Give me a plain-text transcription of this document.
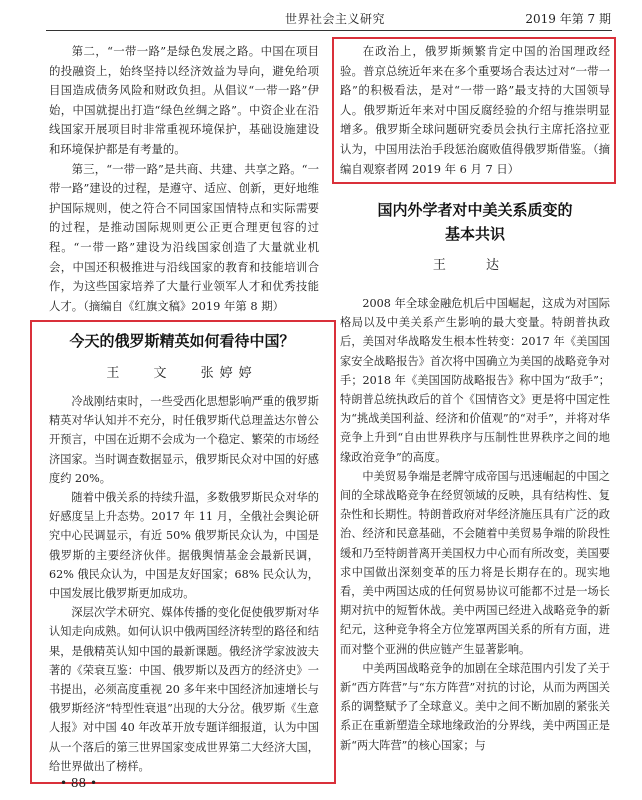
世界社会主义研究	2019 年第 7 期

第二，“一带一路”是绿色发展之路。中国在项目的投融资上，始终坚持以经济效益为导向，避免给项目国造成债务风险和财政负担。从倡议“一带一路”伊始，中国就提出打造“绿色丝绸之路”。中资企业在沿线国家开展项目时非常重视环境保护，基础设施建设和环境保护都是有考量的。

第三，“一带一路”是共商、共建、共享之路。“一带一路”建设的过程，是遵守、适应、创新，更好地维护国际规则，使之符合不同国家国情特点和实际需要的过程，是推动国际规则更公正更合理更包容的过程。“一带一路”建设为沿线国家创造了大量就业机会，中国还积极推进与沿线国家的教育和技能培训合作，为这些国家培养了大量行业领军人才和优秀技能人才。（摘编自《红旗文稿》2019 年第 8 期）

在政治上，俄罗斯频繁肯定中国的治国理政经验。普京总统近年来在多个重要场合表达过对“一带一路”的积极看法，是对“一带一路”最支持的大国领导人。俄罗斯近年来对中国反腐经验的介绍与推崇明显增多。俄罗斯全球问题研究委员会执行主席托洛拉亚认为，中国用法治手段惩治腐败值得俄罗斯借鉴。（摘编自观察者网 2019 年 6 月 7 日）

国内外学者对中美关系质变的
基本共识
王 达

2008 年全球金融危机后中国崛起，这成为对国际格局以及中美关系产生影响的最大变量。特朗普执政后，美国对华战略发生根本性转变：2017 年《美国国家安全战略报告》首次将中国确立为美国的战略竞争对手；2018 年《美国国防战略报告》称中国为“敌手”；特朗普总统执政后的首个《国情咨文》更是将中国定性为“挑战美国利益、经济和价值观”的“对手”，并将对华竞争上升到“自由世界秩序与压制性世界秩序之间的地缘政治竞争”的高度。

中美贸易争端是老牌守成帝国与迅速崛起的中国之间的全球战略竞争在经贸领域的反映，具有结构性、复杂性和长期性。特朗普政府对华经济施压具有广泛的政治、经济和民意基础，不会随着中美贸易争端的阶段性缓和乃至特朗普离开美国权力中心而有所改变，美国要求中国做出深刻变革的压力将是长期存在的。现实地看，美中两国达成的任何贸易协议可能都不过是一场长期对抗中的短暂休战。美中两国已经进入战略竞争的新纪元，这种竞争将全方位笼罩两国关系的所有方面，进而对整个亚洲的供应链产生显著影响。

中美两国战略竞争的加剧在全球范围内引发了关于新“西方阵营”与“东方阵营”对抗的讨论，从而为两国关系的调整赋予了全球意义。美中之间不断加剧的紧张关系正在重新塑造全球地缘政治的分界线，美中两国正是新“两大阵营”的核心国家；与

今天的俄罗斯精英如何看待中国？
王 文 张婷婷

冷战刚结束时，一些受西化思想影响严重的俄罗斯精英对华认知并不充分，时任俄罗斯代总理盖达尔曾公开预言，中国在近期不会成为一个稳定、繁荣的市场经济国家。当时调查数据显示，俄罗斯民众对中国的好感度约 20%。

随着中俄关系的持续升温，多数俄罗斯民众对华的好感度呈上升态势。2017 年 11 月，全俄社会舆论研究中心民调显示，有近 50% 俄罗斯民众认为，中国是俄罗斯的主要经济伙伴。据俄舆情基金会最新民调，62% 俄民众认为，中国是友好国家；68% 民众认为，中国发展比俄罗斯更加成功。

深层次学术研究、媒体传播的变化促使俄罗斯对华认知走向成熟。如何认识中俄两国经济转型的路径和结果，是俄精英认知中国的最新课题。俄经济学家波波夫著的《荣衰互鉴：中国、俄罗斯以及西方的经济史》一书提出，必须高度重视 20 多年来中国经济加速增长与俄罗斯经济“特型性衰退”出现的大分岔。俄罗斯《生意人报》对中国 40 年改革开放专题详细报道，认为中国从一个落后的第三世界国家变成世界第二大经济大国，给世界做出了榜样。

• 88 •
